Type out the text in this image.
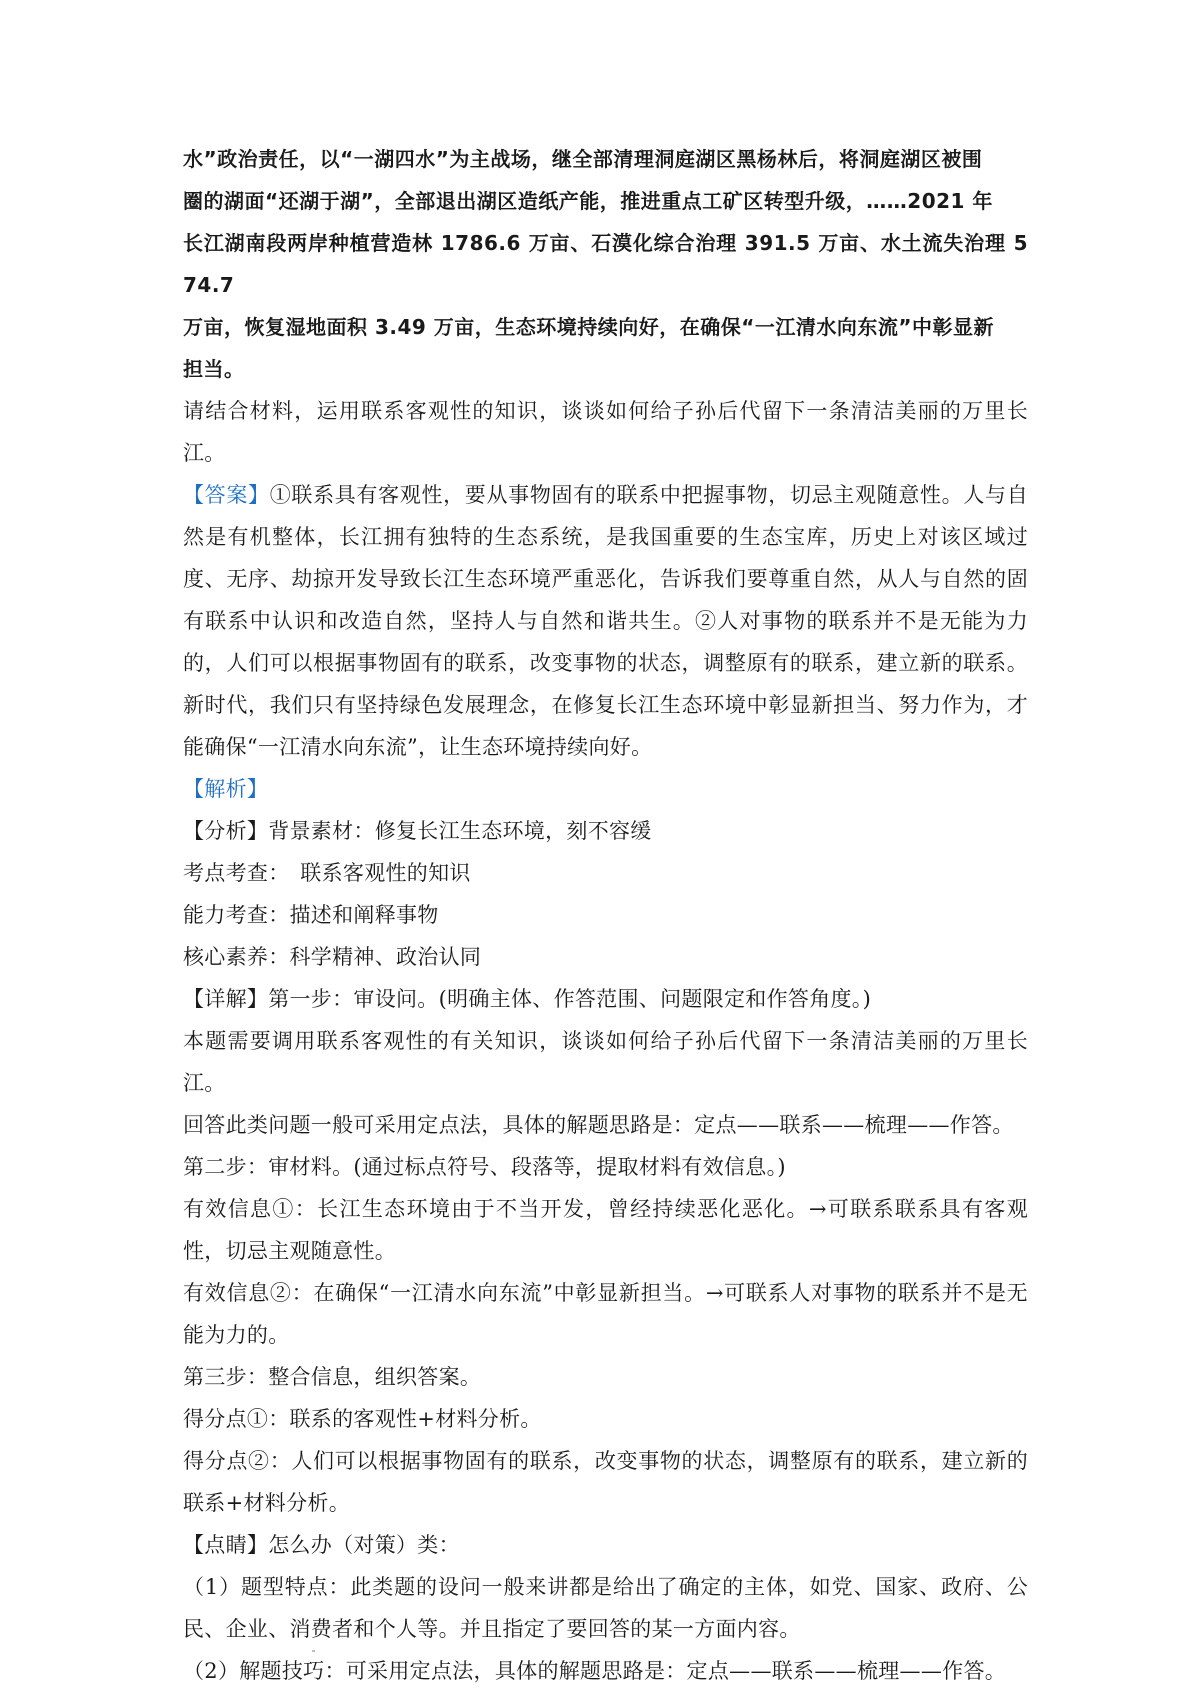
水”政治责任，以“一湖四水”为主战场，继全部清理洞庭湖区黑杨林后，将洞庭湖区被围
圈的湖面“还湖于湖”，全部退出湖区造纸产能，推进重点工矿区转型升级，……2021 年
长江湖南段两岸种植营造林 1786.6 万亩、石漠化综合治理 391.5 万亩、水土流失治理 574.7
万亩，恢复湿地面积 3.49 万亩，生态环境持续向好，在确保“一江清水向东流”中彰显新
担当。

请结合材料，运用联系客观性的知识，谈谈如何给子孙后代留下一条清洁美丽的万里长江。

【答案】①联系具有客观性，要从事物固有的联系中把握事物，切忌主观随意性。人与自然是有机整体，长江拥有独特的生态系统，是我国重要的生态宝库，历史上对该区域过度、无序、劫掠开发导致长江生态环境严重恶化，告诉我们要尊重自然，从人与自然的固有联系中认识和改造自然，坚持人与自然和谐共生。②人对事物的联系并不是无能为力的，人们可以根据事物固有的联系，改变事物的状态，调整原有的联系，建立新的联系。新时代，我们只有坚持绿色发展理念，在修复长江生态环境中彰显新担当、努力作为，才能确保“一江清水向东流”，让生态环境持续向好。

【解析】

【分析】背景素材：修复长江生态环境，刻不容缓

考点考查：　联系客观性的知识

能力考查：描述和阐释事物

核心素养：科学精神、政治认同

【详解】第一步：审设问。(明确主体、作答范围、问题限定和作答角度。)

本题需要调用联系客观性的有关知识，谈谈如何给子孙后代留下一条清洁美丽的万里长江。

回答此类问题一般可采用定点法，具体的解题思路是：定点——联系——梳理——作答。

第二步：审材料。(通过标点符号、段落等，提取材料有效信息。)

有效信息①：长江生态环境由于不当开发，曾经持续恶化恶化。→可联系联系具有客观性，切忌主观随意性。

有效信息②：在确保“一江清水向东流”中彰显新担当。→可联系人对事物的联系并不是无能为力的。

第三步：整合信息，组织答案。

得分点①：联系的客观性+材料分析。

得分点②：人们可以根据事物固有的联系，改变事物的状态，调整原有的联系，建立新的联系+材料分析。

【点睛】怎么办（对策）类：

（1）题型特点：此类题的设问一般来讲都是给出了确定的主体，如党、国家、政府、公民、企业、消费者和个人等。并且指定了要回答的某一方面内容。

（2）解题技巧：可采用定点法，具体的解题思路是：定点——联系——梳理——作答。
